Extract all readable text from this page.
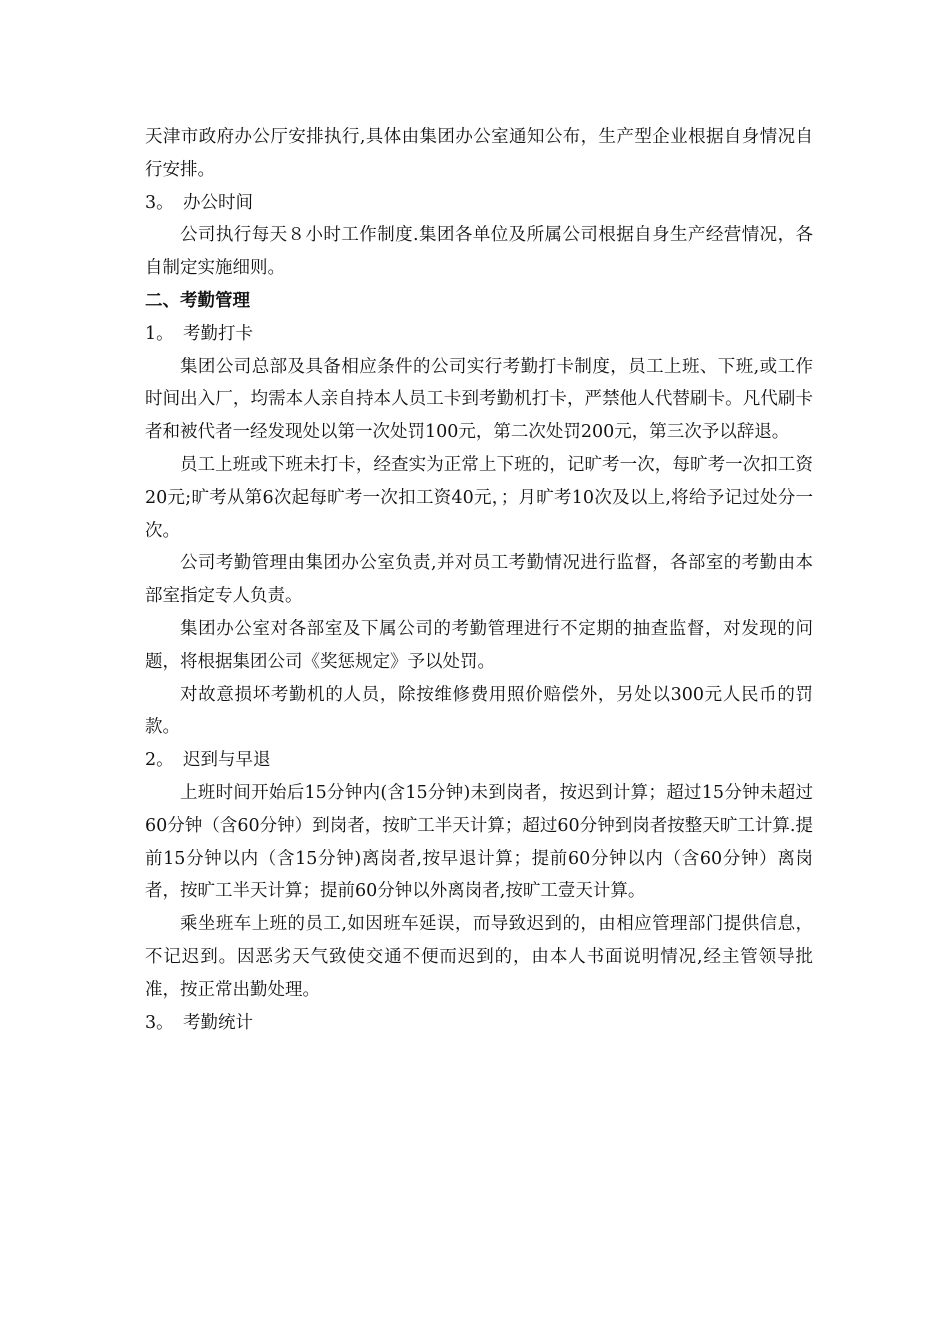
天津市政府办公厅安排执行,具体由集团办公室通知公布，生产型企业根据自身情况自行安排。

3。 办公时间

公司执行每天８小时工作制度.集团各单位及所属公司根据自身生产经营情况，各自制定实施细则。

二、考勤管理

1。 考勤打卡

集团公司总部及具备相应条件的公司实行考勤打卡制度，员工上班、下班,或工作时间出入厂，均需本人亲自持本人员工卡到考勤机打卡，严禁他人代替刷卡。凡代刷卡者和被代者一经发现处以第一次处罚100元，第二次处罚200元，第三次予以辞退。

员工上班或下班未打卡，经查实为正常上下班的，记旷考一次，每旷考一次扣工资20元;旷考从第6次起每旷考一次扣工资40元，；月旷考10次及以上,将给予记过处分一次。

公司考勤管理由集团办公室负责,并对员工考勤情况进行监督，各部室的考勤由本部室指定专人负责。

集团办公室对各部室及下属公司的考勤管理进行不定期的抽查监督，对发现的问题，将根据集团公司《奖惩规定》予以处罚。

对故意损坏考勤机的人员，除按维修费用照价赔偿外，另处以300元人民币的罚款。

2。 迟到与早退

上班时间开始后15分钟内(含15分钟)未到岗者，按迟到计算；超过15分钟未超过60分钟（含60分钟）到岗者，按旷工半天计算；超过60分钟到岗者按整天旷工计算.提前15分钟以内（含15分钟)离岗者,按早退计算；提前60分钟以内（含60分钟）离岗者，按旷工半天计算；提前60分钟以外离岗者,按旷工壹天计算。

乘坐班车上班的员工,如因班车延误，而导致迟到的，由相应管理部门提供信息，不记迟到。因恶劣天气致使交通不便而迟到的，由本人书面说明情况,经主管领导批准，按正常出勤处理。

3。 考勤统计
